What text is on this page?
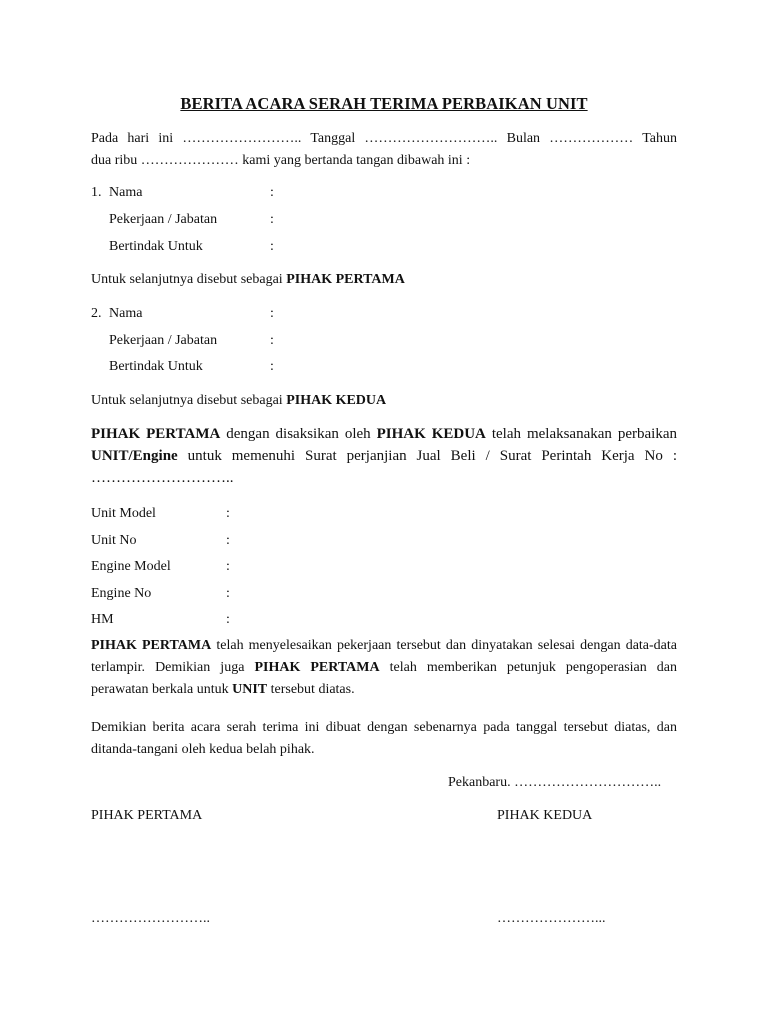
BERITA ACARA SERAH TERIMA PERBAIKAN UNIT

Pada hari ini …………………….. Tanggal ……………………….. Bulan ……………… Tahun

dua ribu ………………… kami yang bertanda tangan dibawah ini :

1. Nama	:
Pekerjaan / Jabatan	:
Bertindak Untuk	:
Untuk selanjutnya disebut sebagai PIHAK PERTAMA
2. Nama	:
Pekerjaan / Jabatan	:
Bertindak Untuk	:
Untuk selanjutnya disebut sebagai PIHAK KEDUA

PIHAK PERTAMA dengan disaksikan oleh PIHAK KEDUA telah melaksanakan perbaikan UNIT/Engine untuk memenuhi Surat perjanjian Jual Beli / Surat Perintah Kerja No : ………………………..

Unit Model	:
Unit No	:
Engine Model	:
Engine No	:
HM	:

PIHAK PERTAMA telah menyelesaikan pekerjaan tersebut dan dinyatakan selesai dengan data-data terlampir. Demikian juga PIHAK PERTAMA telah memberikan petunjuk pengoperasian dan perawatan berkala untuk UNIT tersebut diatas.

Demikian berita acara serah terima ini dibuat dengan sebenarnya pada tanggal tersebut diatas, dan ditanda-tangani oleh kedua belah pihak.

Pekanbaru. …………………………..
PIHAK PERTAMA	PIHAK KEDUA
……………………..	…………………...
